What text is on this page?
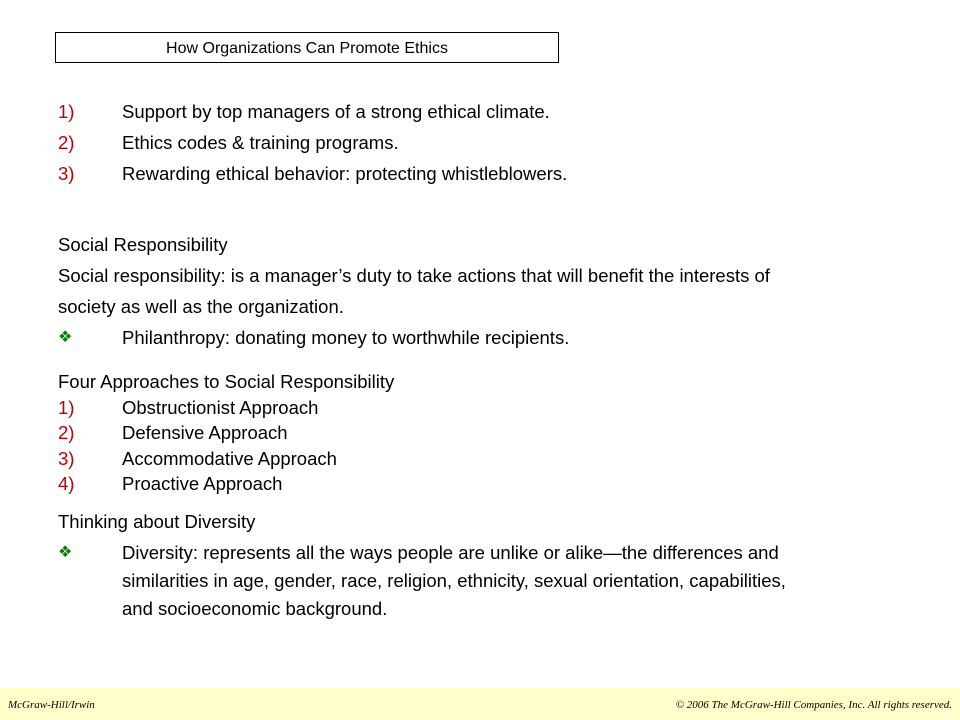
How Organizations Can Promote Ethics
1)	Support by top managers of a strong ethical climate.
2)	Ethics codes & training programs.
3)	Rewarding ethical behavior: protecting whistleblowers.
Social Responsibility
Social responsibility: is a manager’s duty to take actions that will benefit the interests of
society as well as the organization.
❖	Philanthropy: donating money to worthwhile recipients.
Four Approaches to Social Responsibility
1)	Obstructionist Approach
2)	Defensive Approach
3)	Accommodative Approach
4)	Proactive Approach
Thinking about Diversity
❖	Diversity: represents all the ways people are unlike or alike—the differences and
similarities in age, gender, race, religion, ethnicity, sexual orientation, capabilities,
and socioeconomic background.
McGraw-Hill/Irwin	© 2006 The McGraw-Hill Companies, Inc. All rights reserved.
